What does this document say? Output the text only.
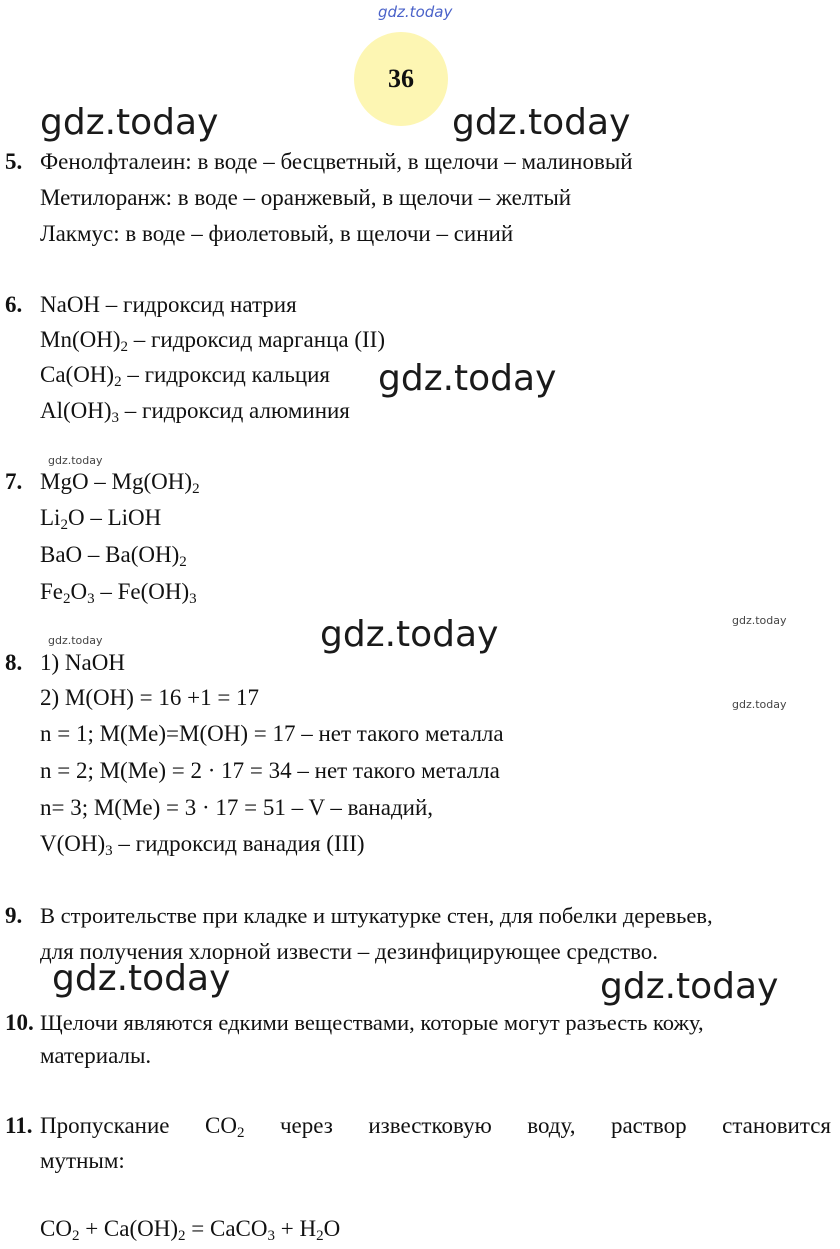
gdz.today
36
gdz.today	gdz.today
gdz.today
gdz.today
gdz.today	gdz.today
gdz.today
gdz.today
gdz.today
gdz.today
5. Фенолфталеин: в воде – бесцветный, в щелочи – малиновый
Метилоранж: в воде – оранжевый, в щелочи – желтый
Лакмус: в воде – фиолетовый, в щелочи – синий
6. NaOH – гидроксид натрия
$Mn(OH)_2$ – гидроксид марганца (II)
$Ca(OH)_2$ – гидроксид кальция
$Al(OH)_3$ – гидроксид алюминия
7. MgO – $Mg(OH)_2$
$Li_2O$ – LiOH
BaO – $Ba(OH)_2$
$Fe_2O_3 - Fe(OH)_3$
8. 1) NaOH
2) M(OH) = 16 +1 = 17
n = 1; M(Me)=M(OH) = 17 – нет такого металла
n = 2; M(Me) = 2 · 17 = 34 – нет такого металла
n= 3; M(Me) = 3 · 17 = 51 – V – ванадий,
$V(OH)_3$ – гидроксид ванадия (III)
9. В строительстве при кладке и штукатурке стен, для побелки деревьев,
для получения хлорной извести – дезинфицирующее средство.
10. Щелочи являются едкими веществами, которые могут разъесть кожу,
материалы.
11. Пропускание $CO_2$ через известковую воду, раствор становится
мутным:
$CO_2 + Ca(OH)_2$ = CaCO$_3$ + $H_2O$
